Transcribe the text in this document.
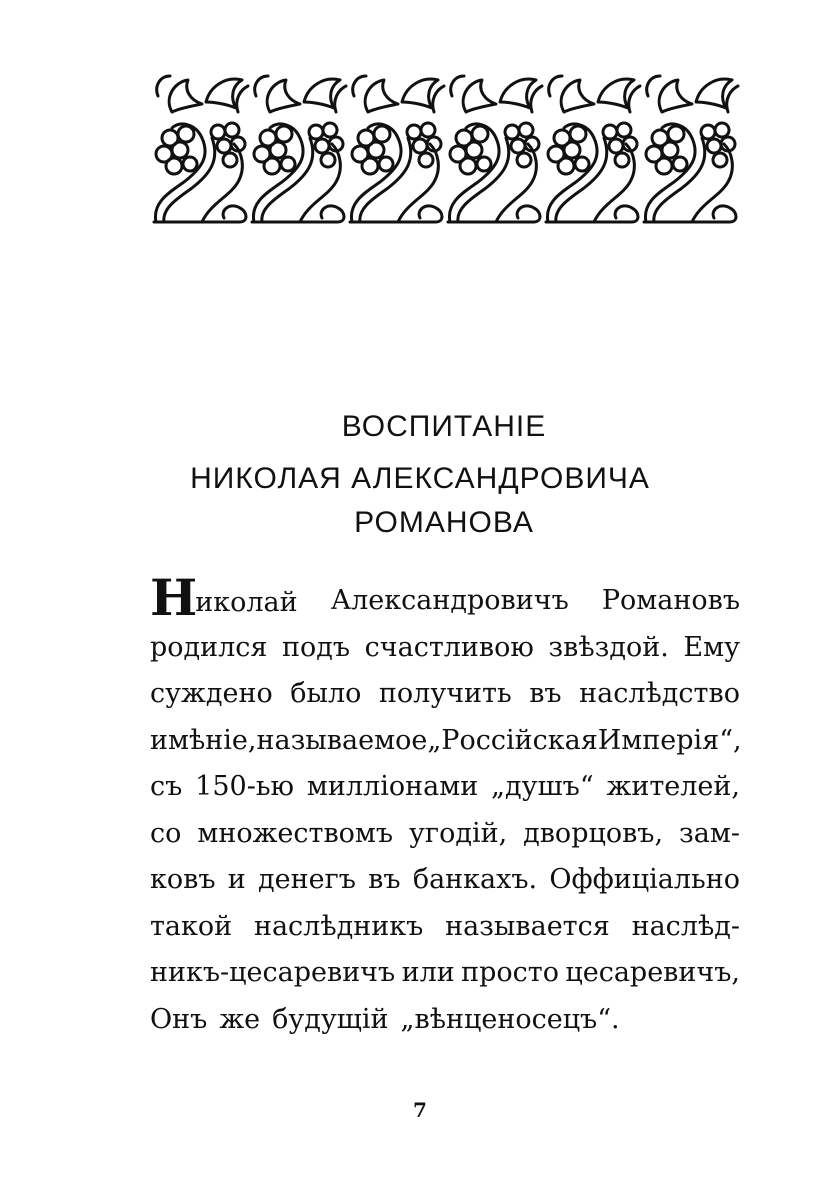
ВОСПИТАНІЕ
НИКОЛАЯ АЛЕКСАНДРОВИЧА
РОМАНОВА
Николай Александровичъ Романовъ
родился подъ счастливою звѣздой. Ему
суждено было получить въ наслѣдство
имѣніе, называемое „Россійская Имперія“,
съ 150-ью милліонами „душъ“ жителей,
со множествомъ угодій, дворцовъ, зам-
ковъ и денегъ въ банкахъ. Оффиціально
такой наслѣдникъ называется наслѣд-
никъ-цесаревичъ или просто цесаревичъ,
Онъ же будущій „вѣнценосецъ“.
7
